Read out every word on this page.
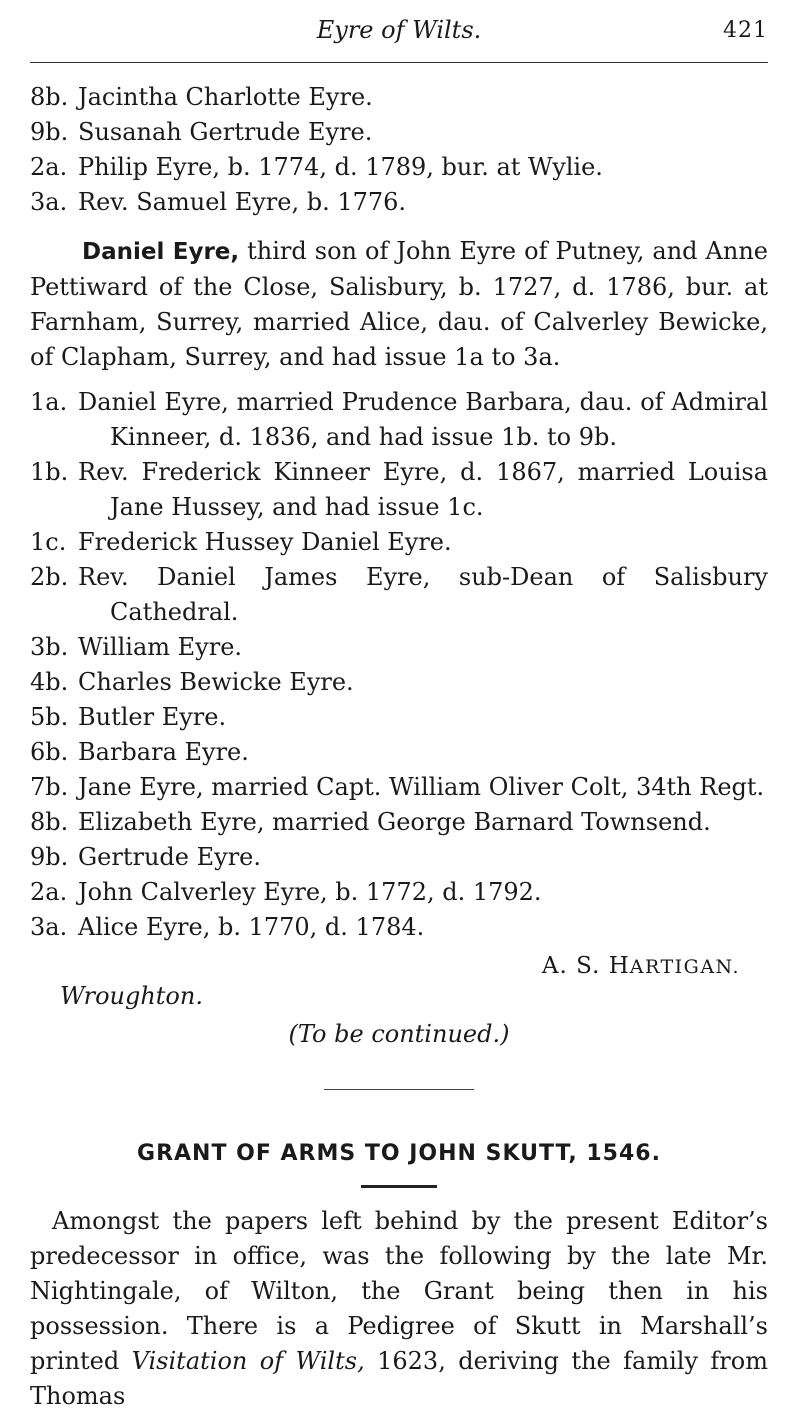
Eyre of Wilts.	421

8b. Jacintha Charlotte Eyre.

9b. Susanah Gertrude Eyre.

2a. Philip Eyre, b. 1774, d. 1789, bur. at Wylie.

3a. Rev. Samuel Eyre, b. 1776.

Daniel Eyre, third son of John Eyre of Putney, and Anne Pettiward of the Close, Salisbury, b. 1727, d. 1786, bur. at Farnham, Surrey, married Alice, dau. of Calverley Bewicke, of Clapham, Surrey, and had issue 1a to 3a.

1a. Daniel Eyre, married Prudence Barbara, dau. of Admiral Kinneer, d. 1836, and had issue 1b. to 9b.

1b. Rev. Frederick Kinneer Eyre, d. 1867, married Louisa Jane Hussey, and had issue 1c.

1c. Frederick Hussey Daniel Eyre.

2b. Rev. Daniel James Eyre, sub-Dean of Salisbury Cathedral.

3b. William Eyre.

4b. Charles Bewicke Eyre.

5b. Butler Eyre.

6b. Barbara Eyre.

7b. Jane Eyre, married Capt. William Oliver Colt, 34th Regt.

8b. Elizabeth Eyre, married George Barnard Townsend.

9b. Gertrude Eyre.

2a. John Calverley Eyre, b. 1772, d. 1792.

3a. Alice Eyre, b. 1770, d. 1784.

A. S. HARTIGAN.
Wroughton.
(To be continued.)
GRANT OF ARMS TO JOHN SKUTT, 1546.

Amongst the papers left behind by the present Editor’s predecessor in office, was the following by the late Mr. Nightingale, of Wilton, the Grant being then in his possession. There is a Pedigree of Skutt in Marshall’s printed Visitation of Wilts, 1623, deriving the family from Thomas
